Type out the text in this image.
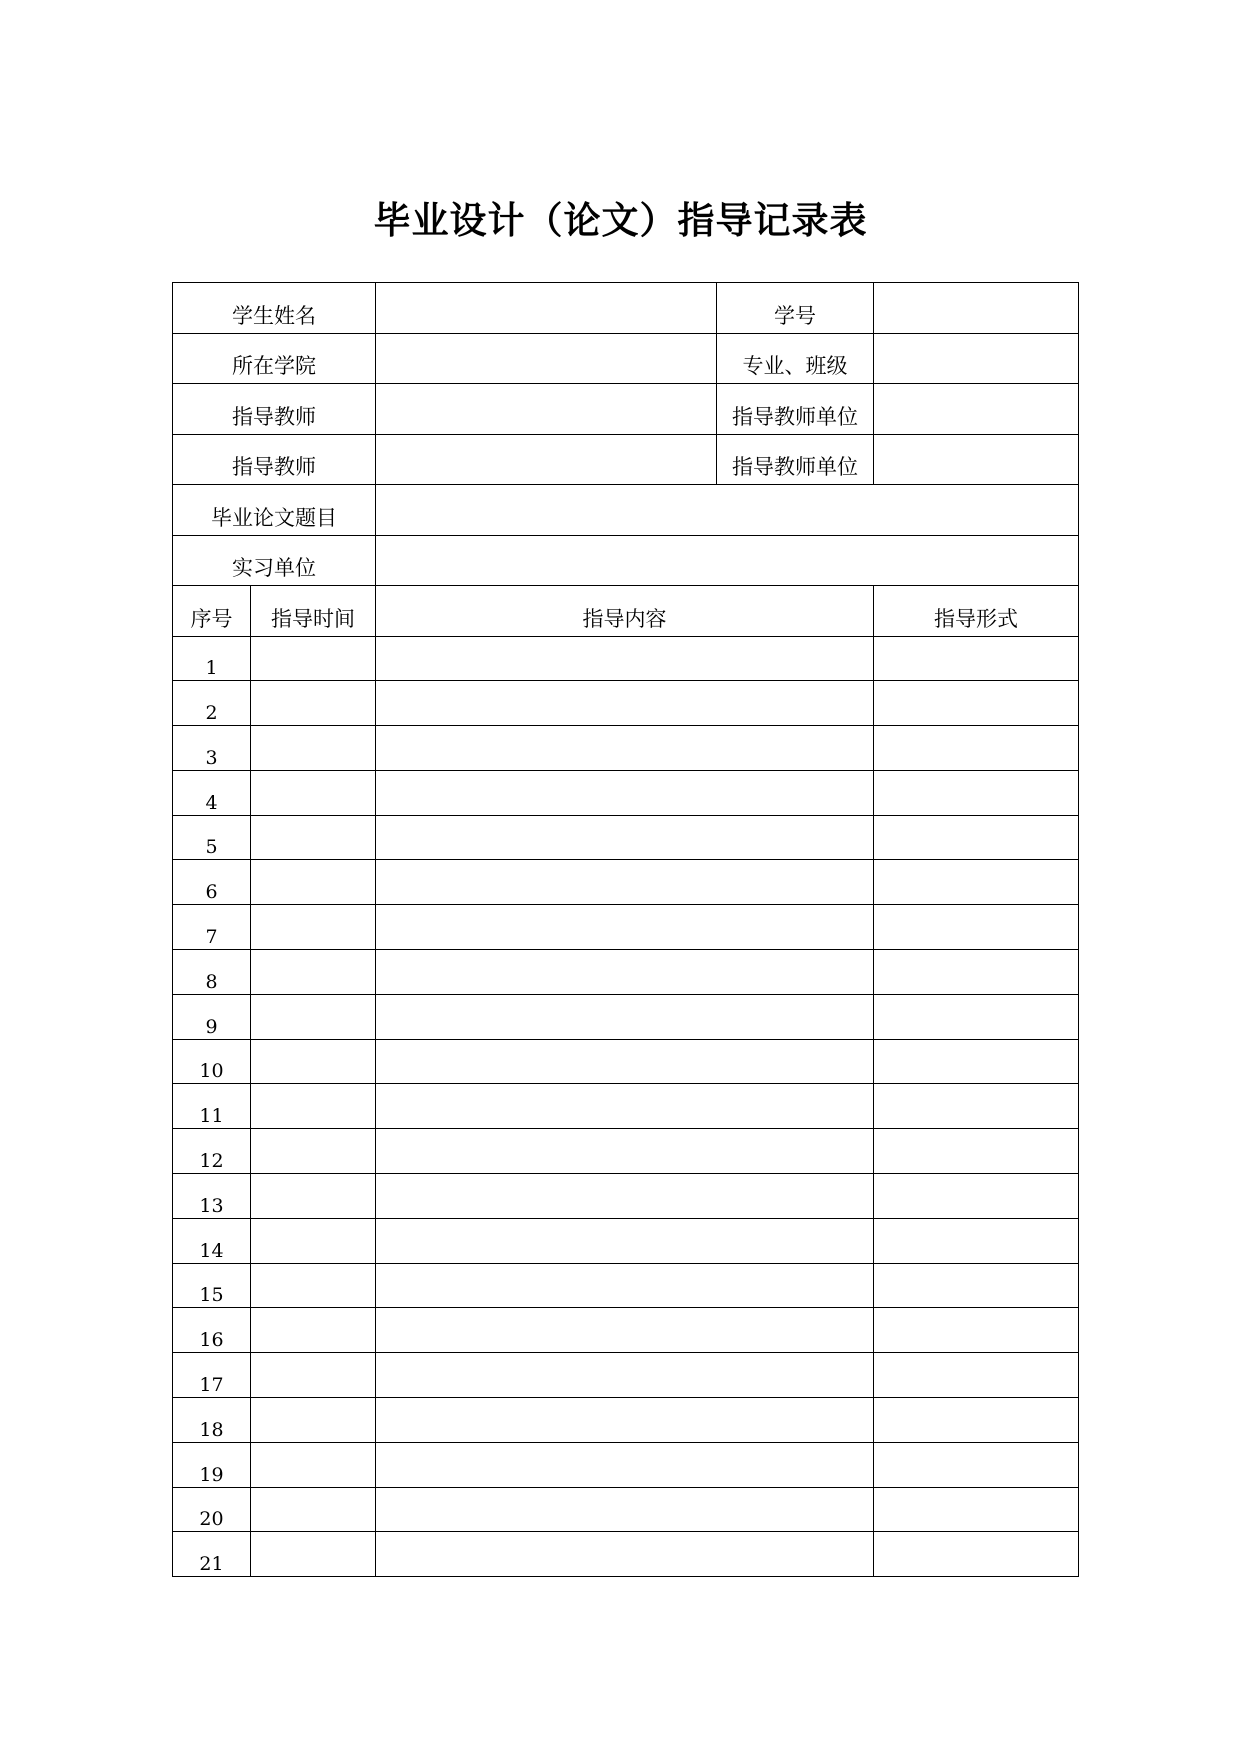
毕业设计（论文）指导记录表
学生姓名		学号	
所在学院		专业、班级	
指导教师		指导教师单位	
指导教师		指导教师单位	
毕业论文题目			
实习单位			
序号	指导时间	指导内容	指导形式
1			
2			
3			
4			
5			
6			
7			
8			
9			
10			
11			
12			
13			
14			
15			
16			
17			
18			
19			
20			
21			
